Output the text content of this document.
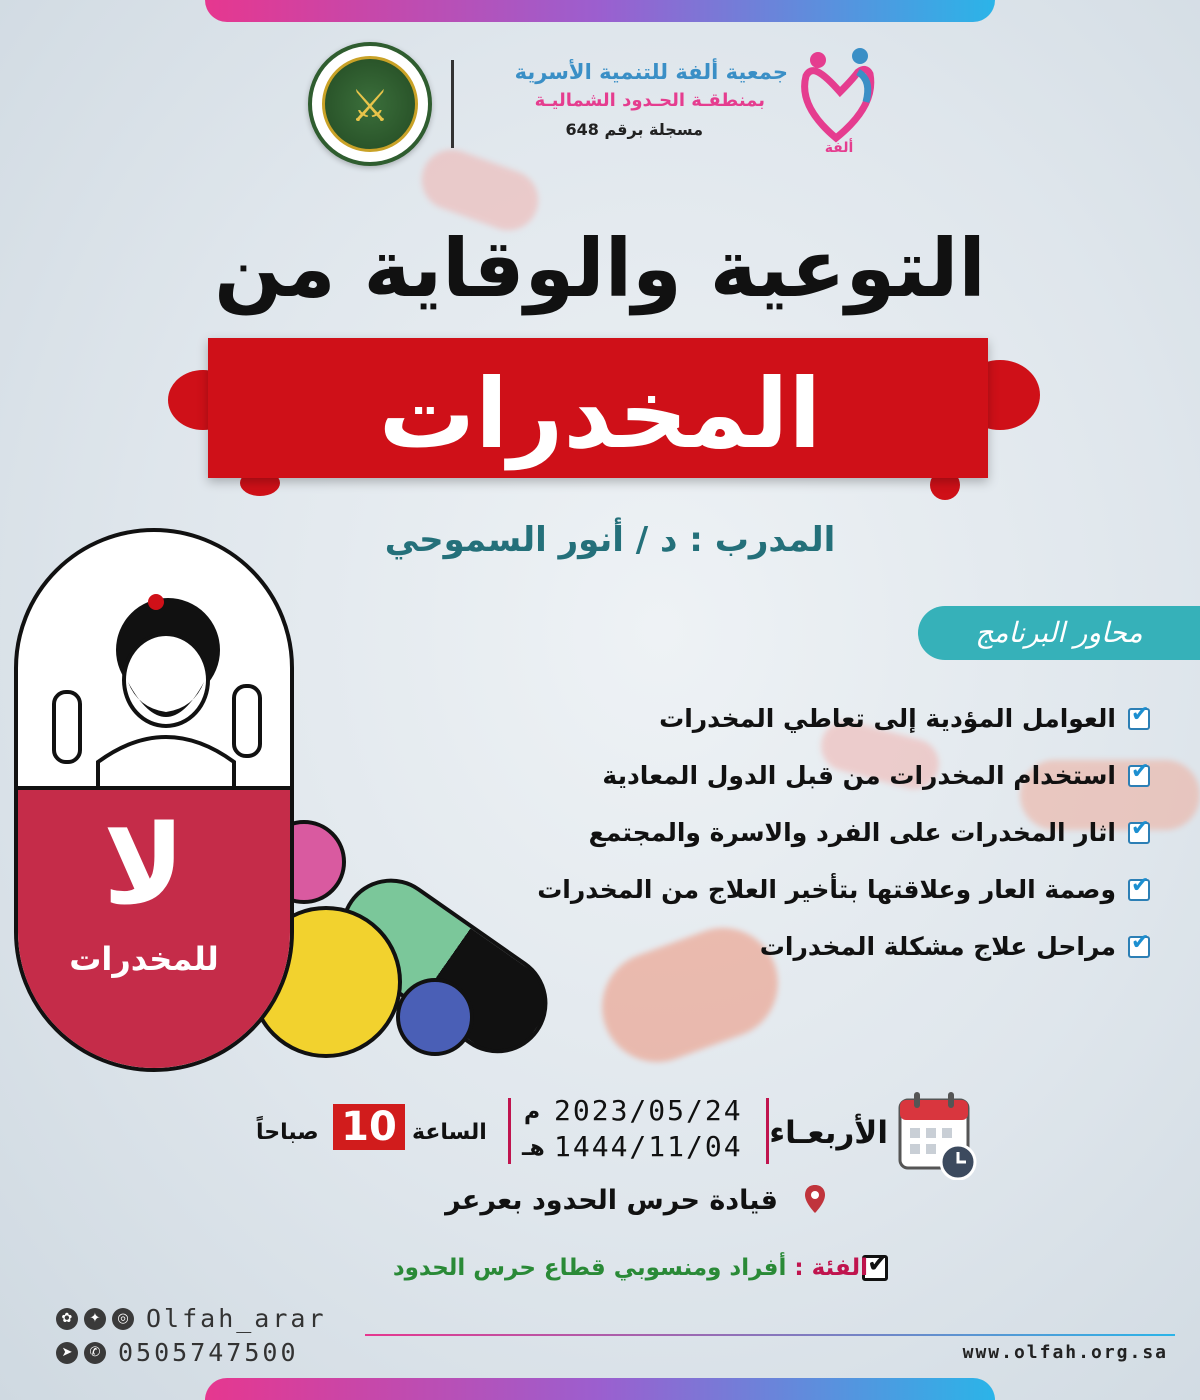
⚔
جمعية ألفة للتنمية الأسرية
بمنطقـة الحـدود الشماليـة
مسجلة برقم 648
ألفة
التوعية والوقاية من
المخدرات
المدرب : د / أنور السموحي
محاور البرنامج
✔
العوامل المؤدية إلى تعاطي المخدرات
✔
استخدام المخدرات من قبل الدول المعادية
✔
اثار المخدرات على الفرد والاسرة والمجتمع
✔
وصمة العار وعلاقتها بتأخير العلاج من المخدرات
✔
مراحل علاج مشكلة المخدرات
لا
للمخدرات
الأربعـاء
2023/05/24
م
1444/11/04
هـ
الساعة
10
صباحاً
قيادة حرس الحدود بعرعر
✔
الفئة : أفراد ومنسوبي قطاع حرس الحدود
✿	✦	◎ Olfah_arar
➤	✆ 0505747500	www.olfah.org.sa
